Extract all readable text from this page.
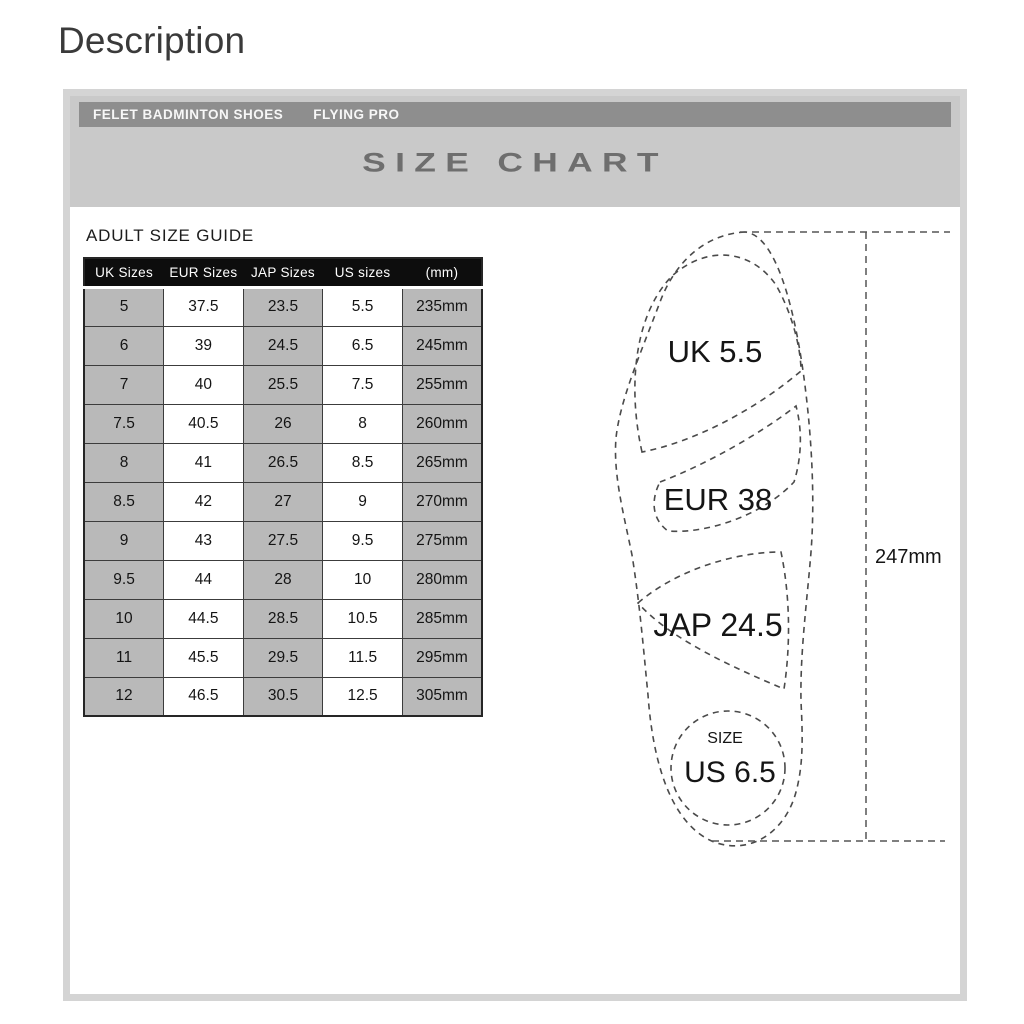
Description
FELET BADMINTON SHOES FLYING PRO
SIZE CHART
ADULT SIZE GUIDE
UK Sizes	EUR Sizes	JAP Sizes	US sizes	(mm)
5	37.5	23.5	5.5	235mm
6	39	24.5	6.5	245mm
7	40	25.5	7.5	255mm
7.5	40.5	26	8	260mm
8	41	26.5	8.5	265mm
8.5	42	27	9	270mm
9	43	27.5	9.5	275mm
9.5	44	28	10	280mm
10	44.5	28.5	10.5	285mm
11	45.5	29.5	11.5	295mm
12	46.5	30.5	12.5	305mm
UK 5.5
EUR 38
JAP 24.5
SIZE
US 6.5
247mm
